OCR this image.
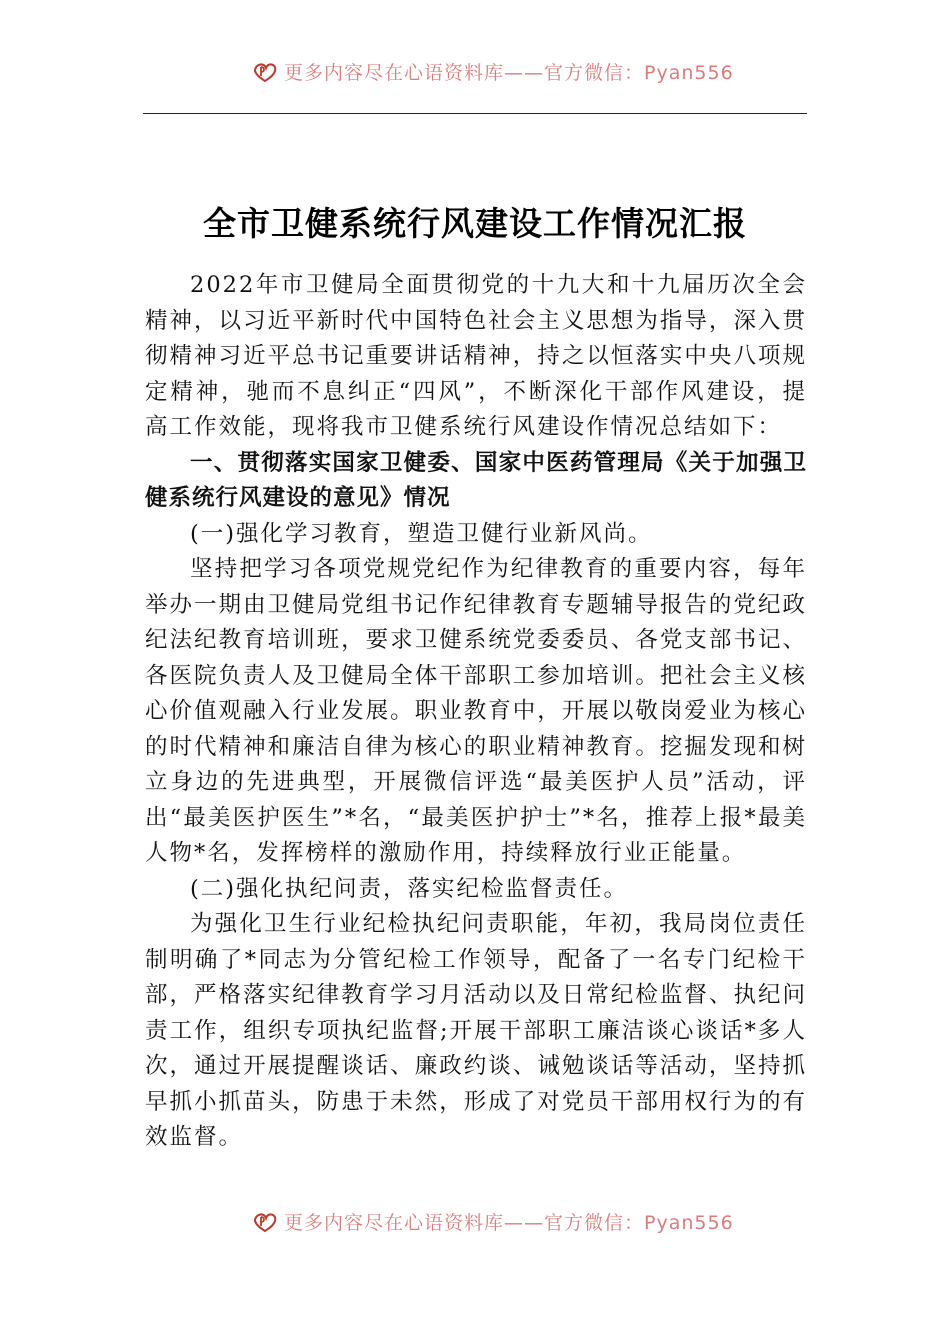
更多内容尽在心语资料库——官方微信：Pyan556
全市卫健系统行风建设工作情况汇报

2022年市卫健局全面贯彻党的十九大和十九届历次全会精神，以习近平新时代中国特色社会主义思想为指导，深入贯彻精神习近平总书记重要讲话精神，持之以恒落实中央八项规定精神，驰而不息纠正“四风”，不断深化干部作风建设，提高工作效能，现将我市卫健系统行风建设作情况总结如下：

一、贯彻落实国家卫健委、国家中医药管理局《关于加强卫健系统行风建设的意见》情况

(一)强化学习教育，塑造卫健行业新风尚。

坚持把学习各项党规党纪作为纪律教育的重要内容，每年举办一期由卫健局党组书记作纪律教育专题辅导报告的党纪政纪法纪教育培训班，要求卫健系统党委委员、各党支部书记、各医院负责人及卫健局全体干部职工参加培训。把社会主义核心价值观融入行业发展。职业教育中，开展以敬岗爱业为核心的时代精神和廉洁自律为核心的职业精神教育。挖掘发现和树立身边的先进典型，开展微信评选“最美医护人员”活动，评出“最美医护医生”*名，“最美医护护士”*名，推荐上报*最美人物*名，发挥榜样的激励作用，持续释放行业正能量。

(二)强化执纪问责，落实纪检监督责任。

为强化卫生行业纪检执纪问责职能，年初，我局岗位责任制明确了*同志为分管纪检工作领导，配备了一名专门纪检干部，严格落实纪律教育学习月活动以及日常纪检监督、执纪问责工作，组织专项执纪监督;开展干部职工廉洁谈心谈话*多人次，通过开展提醒谈话、廉政约谈、诫勉谈话等活动，坚持抓早抓小抓苗头，防患于未然，形成了对党员干部用权行为的有效监督。

更多内容尽在心语资料库——官方微信：Pyan556
